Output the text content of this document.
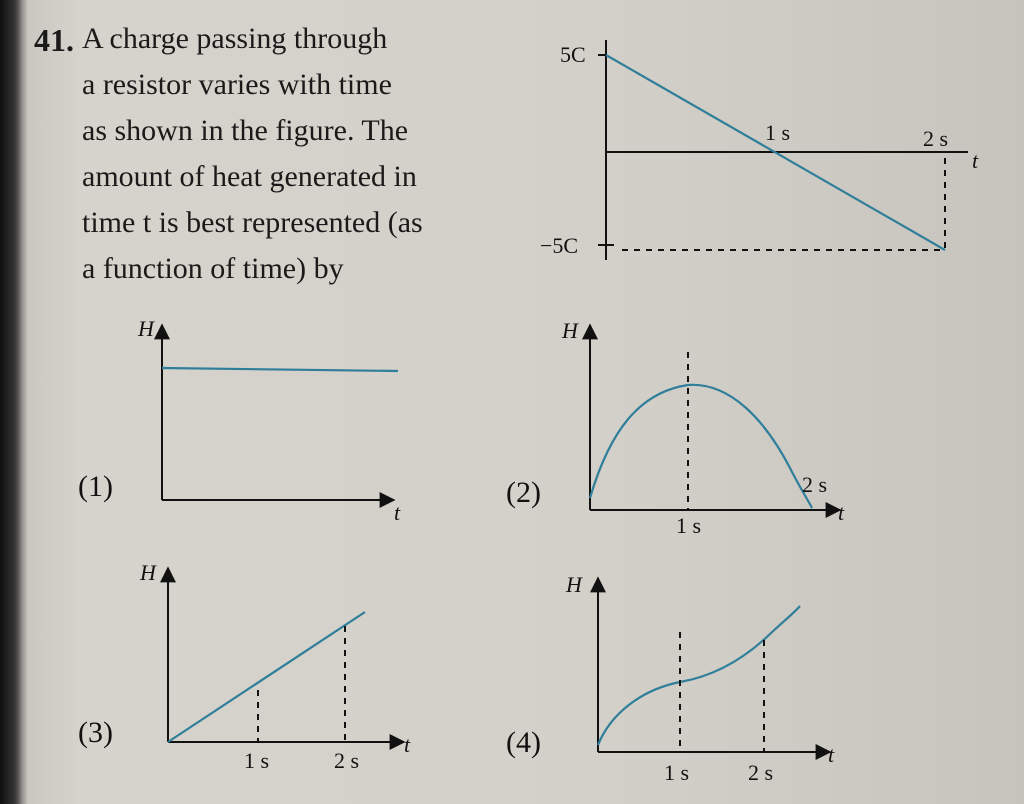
41. A charge passing through
a resistor varies with time
as shown in the figure. The
amount of heat generated in
time t is best represented (as
a function of time) by
5C
−5C
1 s	2 s
t
H
t
(1)
H
t
1 s
2 s
(2)
H
t
1 s	2 s
(3)
H
t
1 s	2 s
(4)
